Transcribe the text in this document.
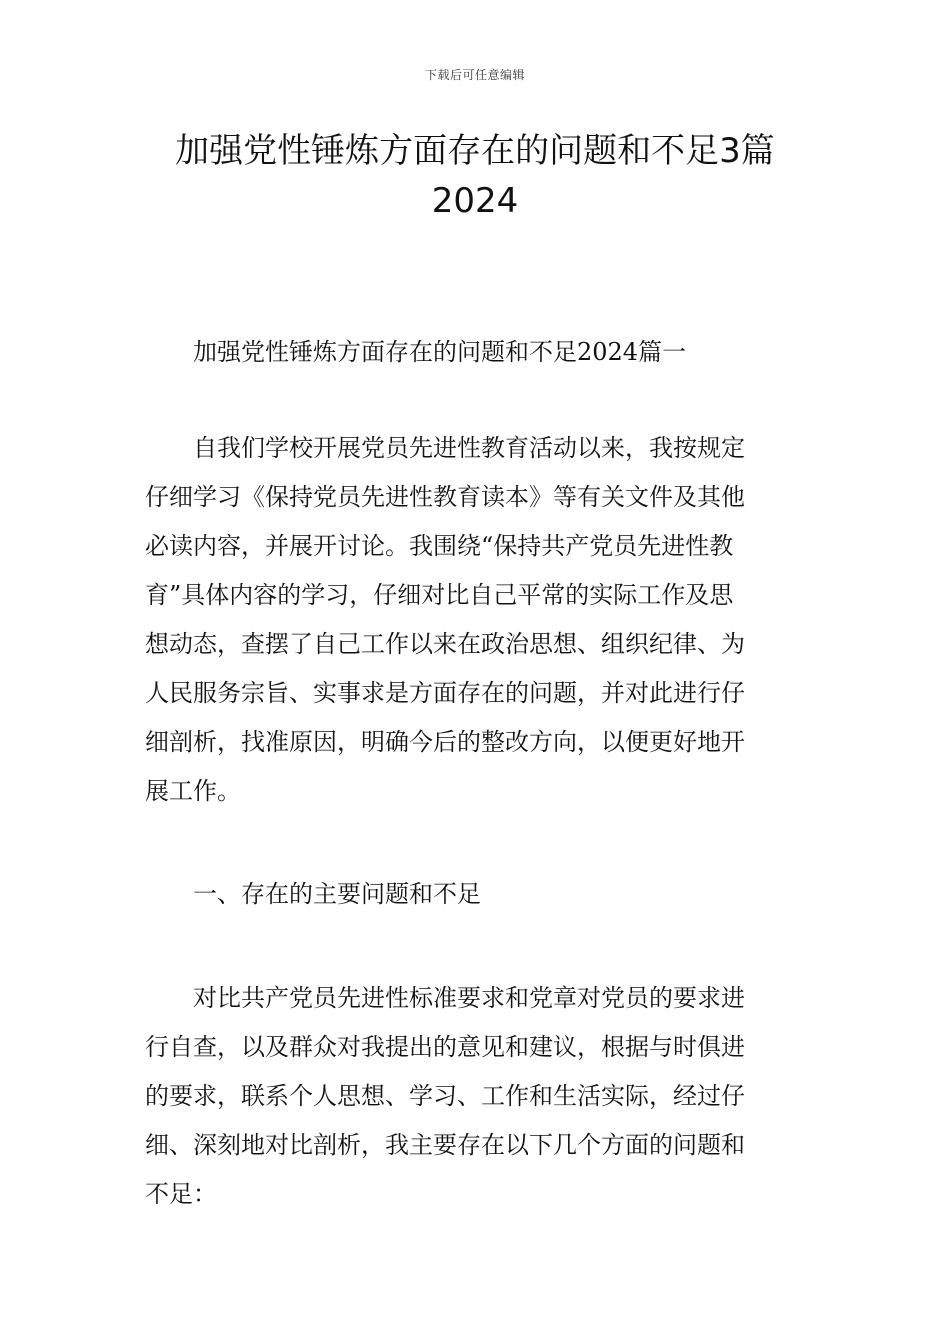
下载后可任意编辑
加强党性锤炼方面存在的问题和不足3篇
2024

加强党性锤炼方面存在的问题和不足2024篇一

自我们学校开展党员先进性教育活动以来，我按规定
仔细学习《保持党员先进性教育读本》等有关文件及其他
必读内容，并展开讨论。我围绕“保持共产党员先进性教
育”具体内容的学习，仔细对比自己平常的实际工作及思
想动态，查摆了自己工作以来在政治思想、组织纪律、为
人民服务宗旨、实事求是方面存在的问题，并对此进行仔
细剖析，找准原因，明确今后的整改方向，以便更好地开
展工作。

一、存在的主要问题和不足

对比共产党员先进性标准要求和党章对党员的要求进
行自查，以及群众对我提出的意见和建议，根据与时俱进
的要求，联系个人思想、学习、工作和生活实际，经过仔
细、深刻地对比剖析，我主要存在以下几个方面的问题和
不足：
